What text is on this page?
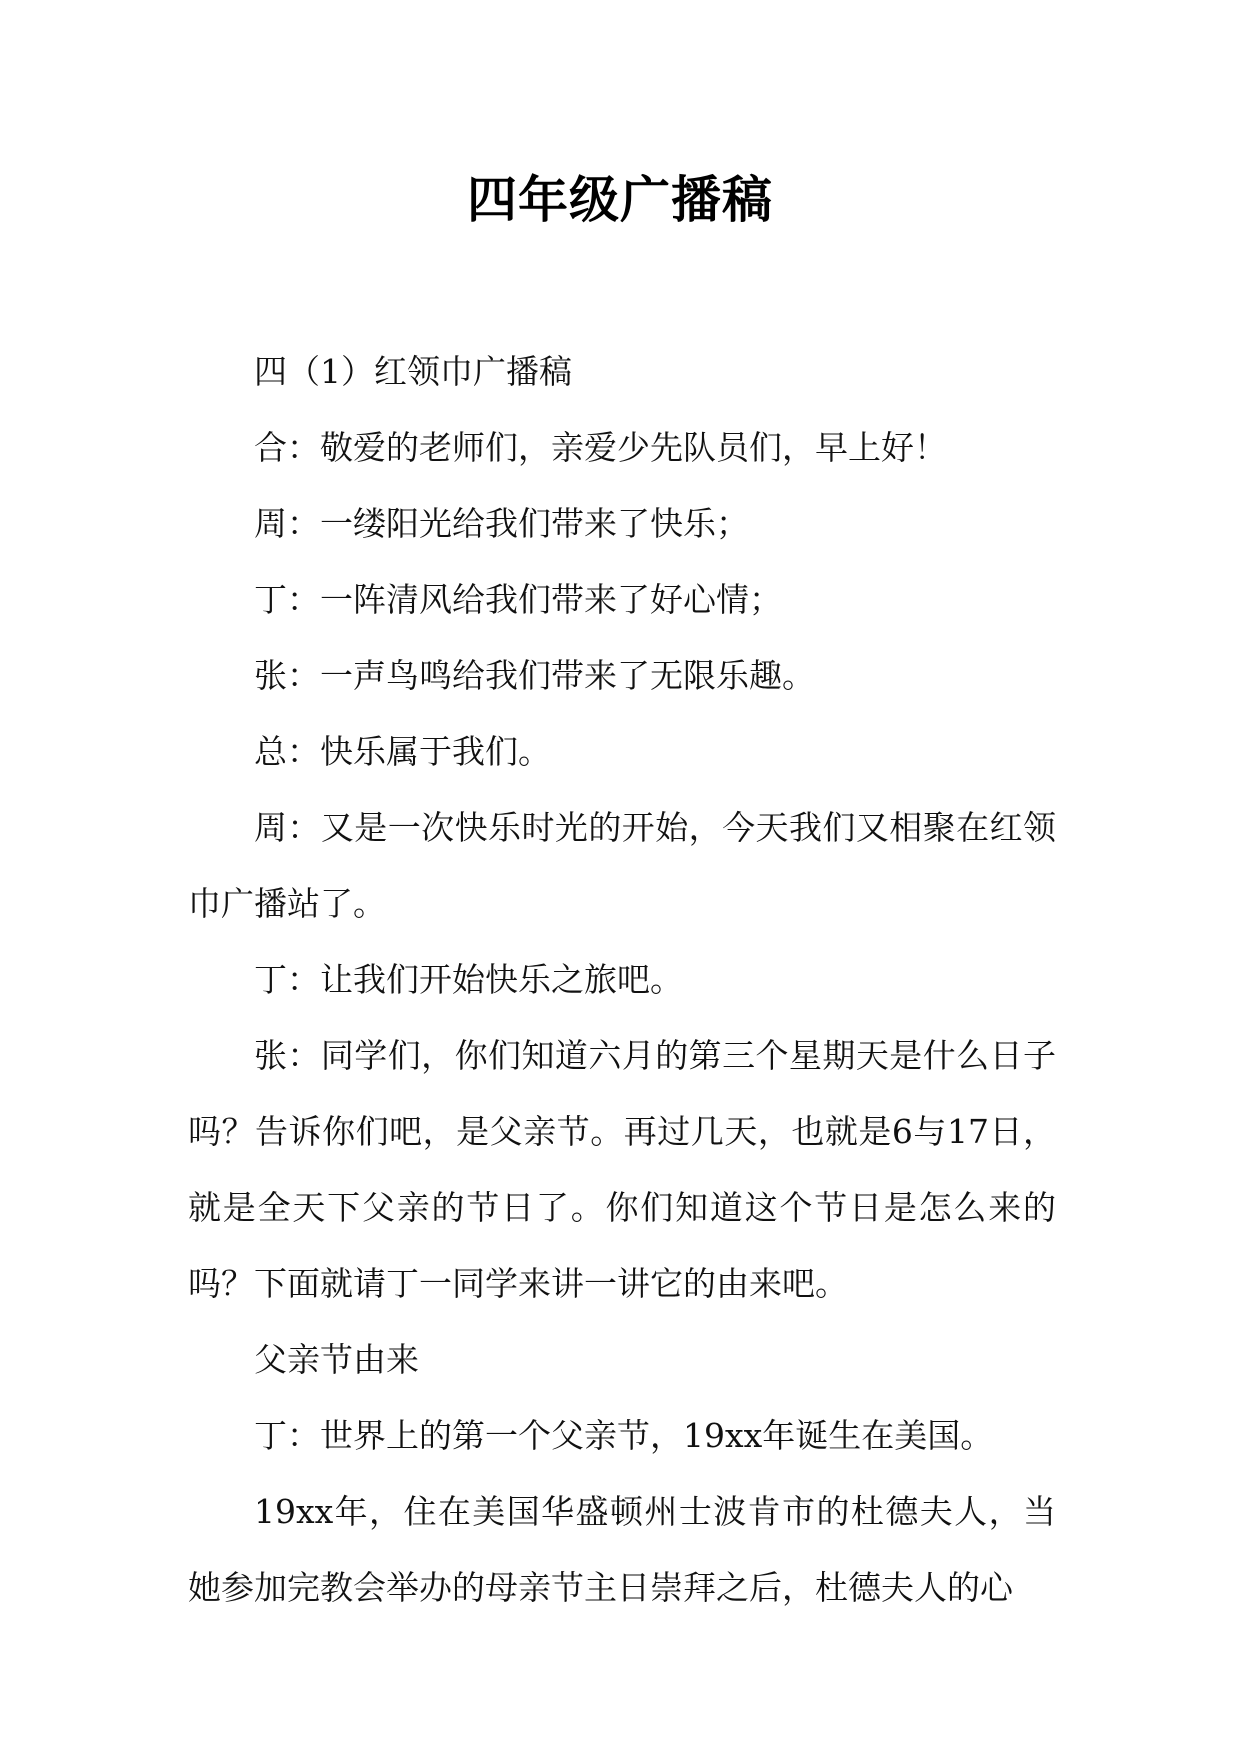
四年级广播稿

四（1）红领巾广播稿

合：敬爱的老师们，亲爱少先队员们，早上好！

周：一缕阳光给我们带来了快乐；

丁：一阵清风给我们带来了好心情；

张：一声鸟鸣给我们带来了无限乐趣。

总：快乐属于我们。

周：又是一次快乐时光的开始，今天我们又相聚在红领巾广播站了。

丁：让我们开始快乐之旅吧。

张：同学们，你们知道六月的第三个星期天是什么日子吗？告诉你们吧，是父亲节。再过几天，也就是6与17日，就是全天下父亲的节日了。你们知道这个节日是怎么来的吗？下面就请丁一同学来讲一讲它的由来吧。

父亲节由来

丁：世界上的第一个父亲节，19xx年诞生在美国。

19xx年，住在美国华盛顿州士波肯市的杜德夫人，当她参加完教会举办的母亲节主日崇拜之后，杜德夫人的心
